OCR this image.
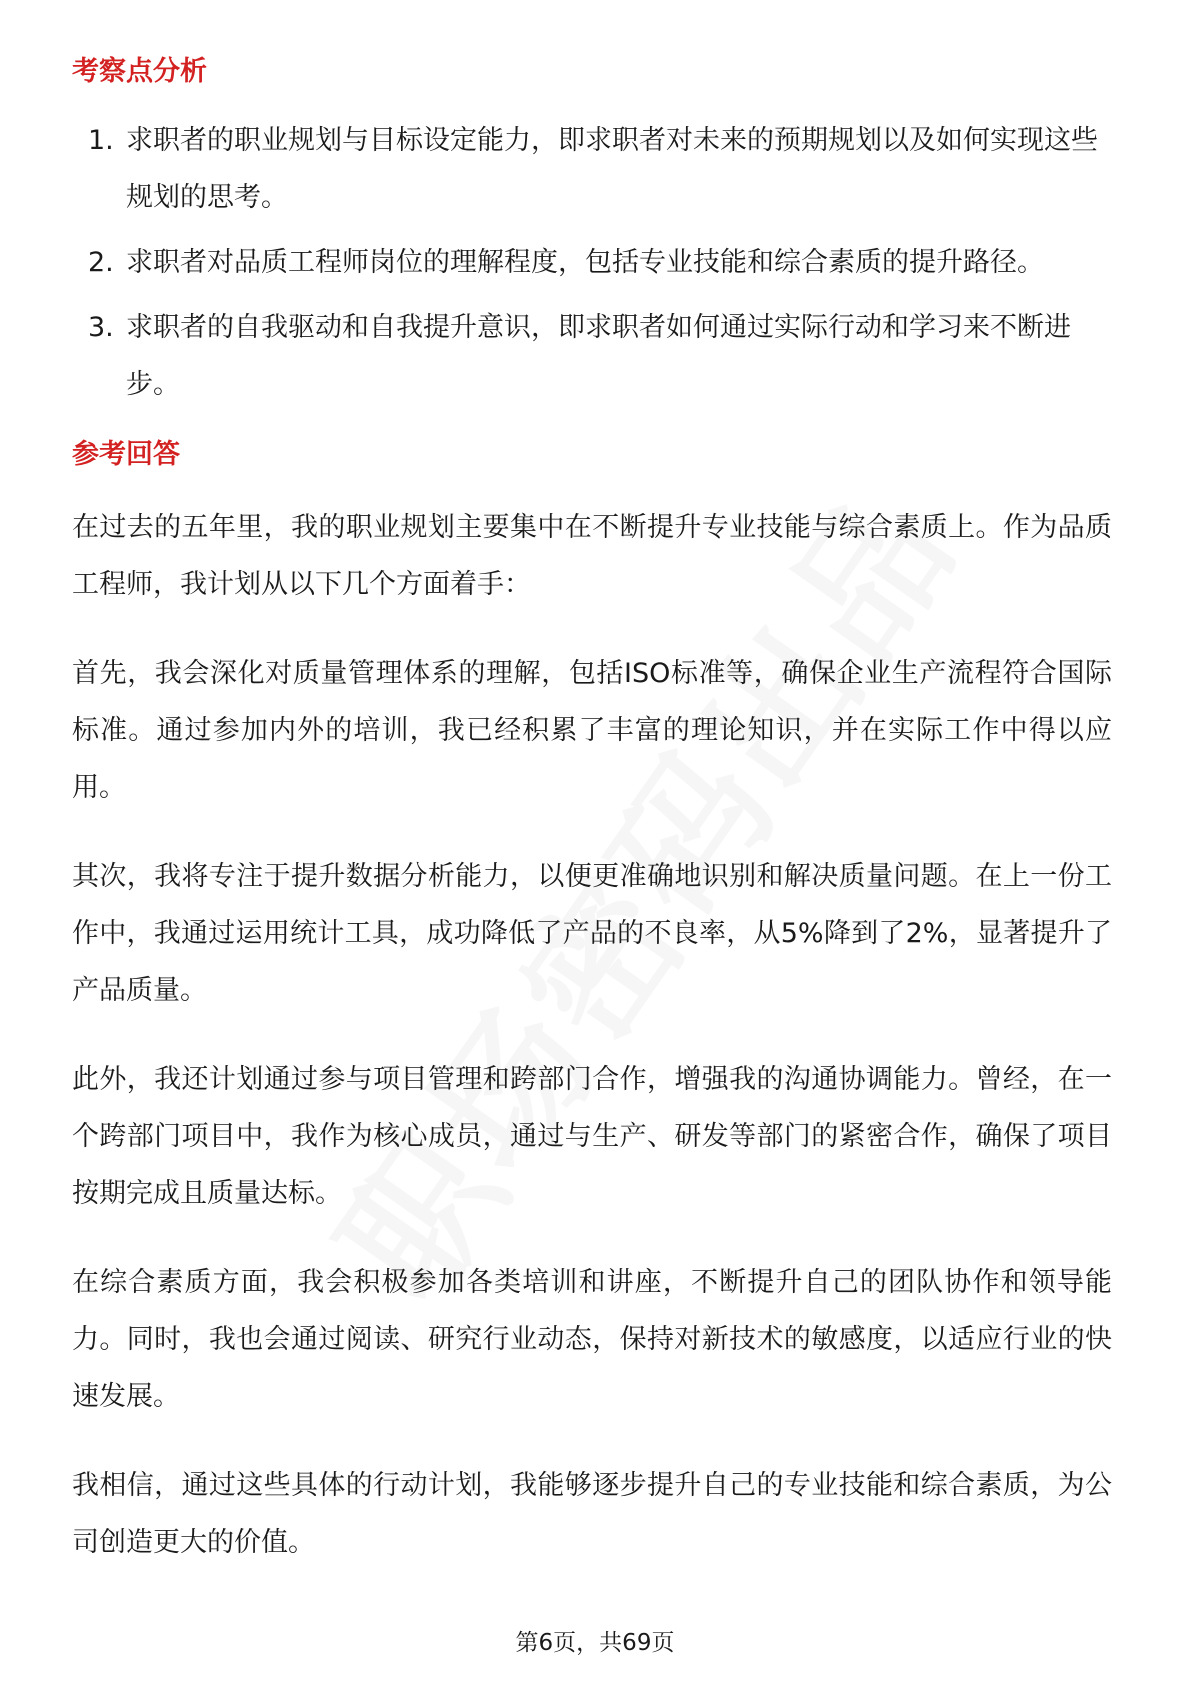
考察点分析
1. 求职者的职业规划与目标设定能力，即求职者对未来的预期规划以及如何实现这些规划的思考。
2. 求职者对品质工程师岗位的理解程度，包括专业技能和综合素质的提升路径。
3. 求职者的自我驱动和自我提升意识，即求职者如何通过实际行动和学习来不断进步。
参考回答

在过去的五年里，我的职业规划主要集中在不断提升专业技能与综合素质上。作为品质工程师，我计划从以下几个方面着手：

首先，我会深化对质量管理体系的理解，包括ISO标准等，确保企业生产流程符合国际标准。通过参加内外的培训，我已经积累了丰富的理论知识，并在实际工作中得以应用。

其次，我将专注于提升数据分析能力，以便更准确地识别和解决质量问题。在上一份工作中，我通过运用统计工具，成功降低了产品的不良率，从5%降到了2%，显著提升了产品质量。

此外，我还计划通过参与项目管理和跨部门合作，增强我的沟通协调能力。曾经，在一个跨部门项目中，我作为核心成员，通过与生产、研发等部门的紧密合作，确保了项目按期完成且质量达标。

在综合素质方面，我会积极参加各类培训和讲座，不断提升自己的团队协作和领导能力。同时，我也会通过阅读、研究行业动态，保持对新技术的敏感度，以适应行业的快速发展。

我相信，通过这些具体的行动计划，我能够逐步提升自己的专业技能和综合素质，为公司创造更大的价值。

第6页，共69页
